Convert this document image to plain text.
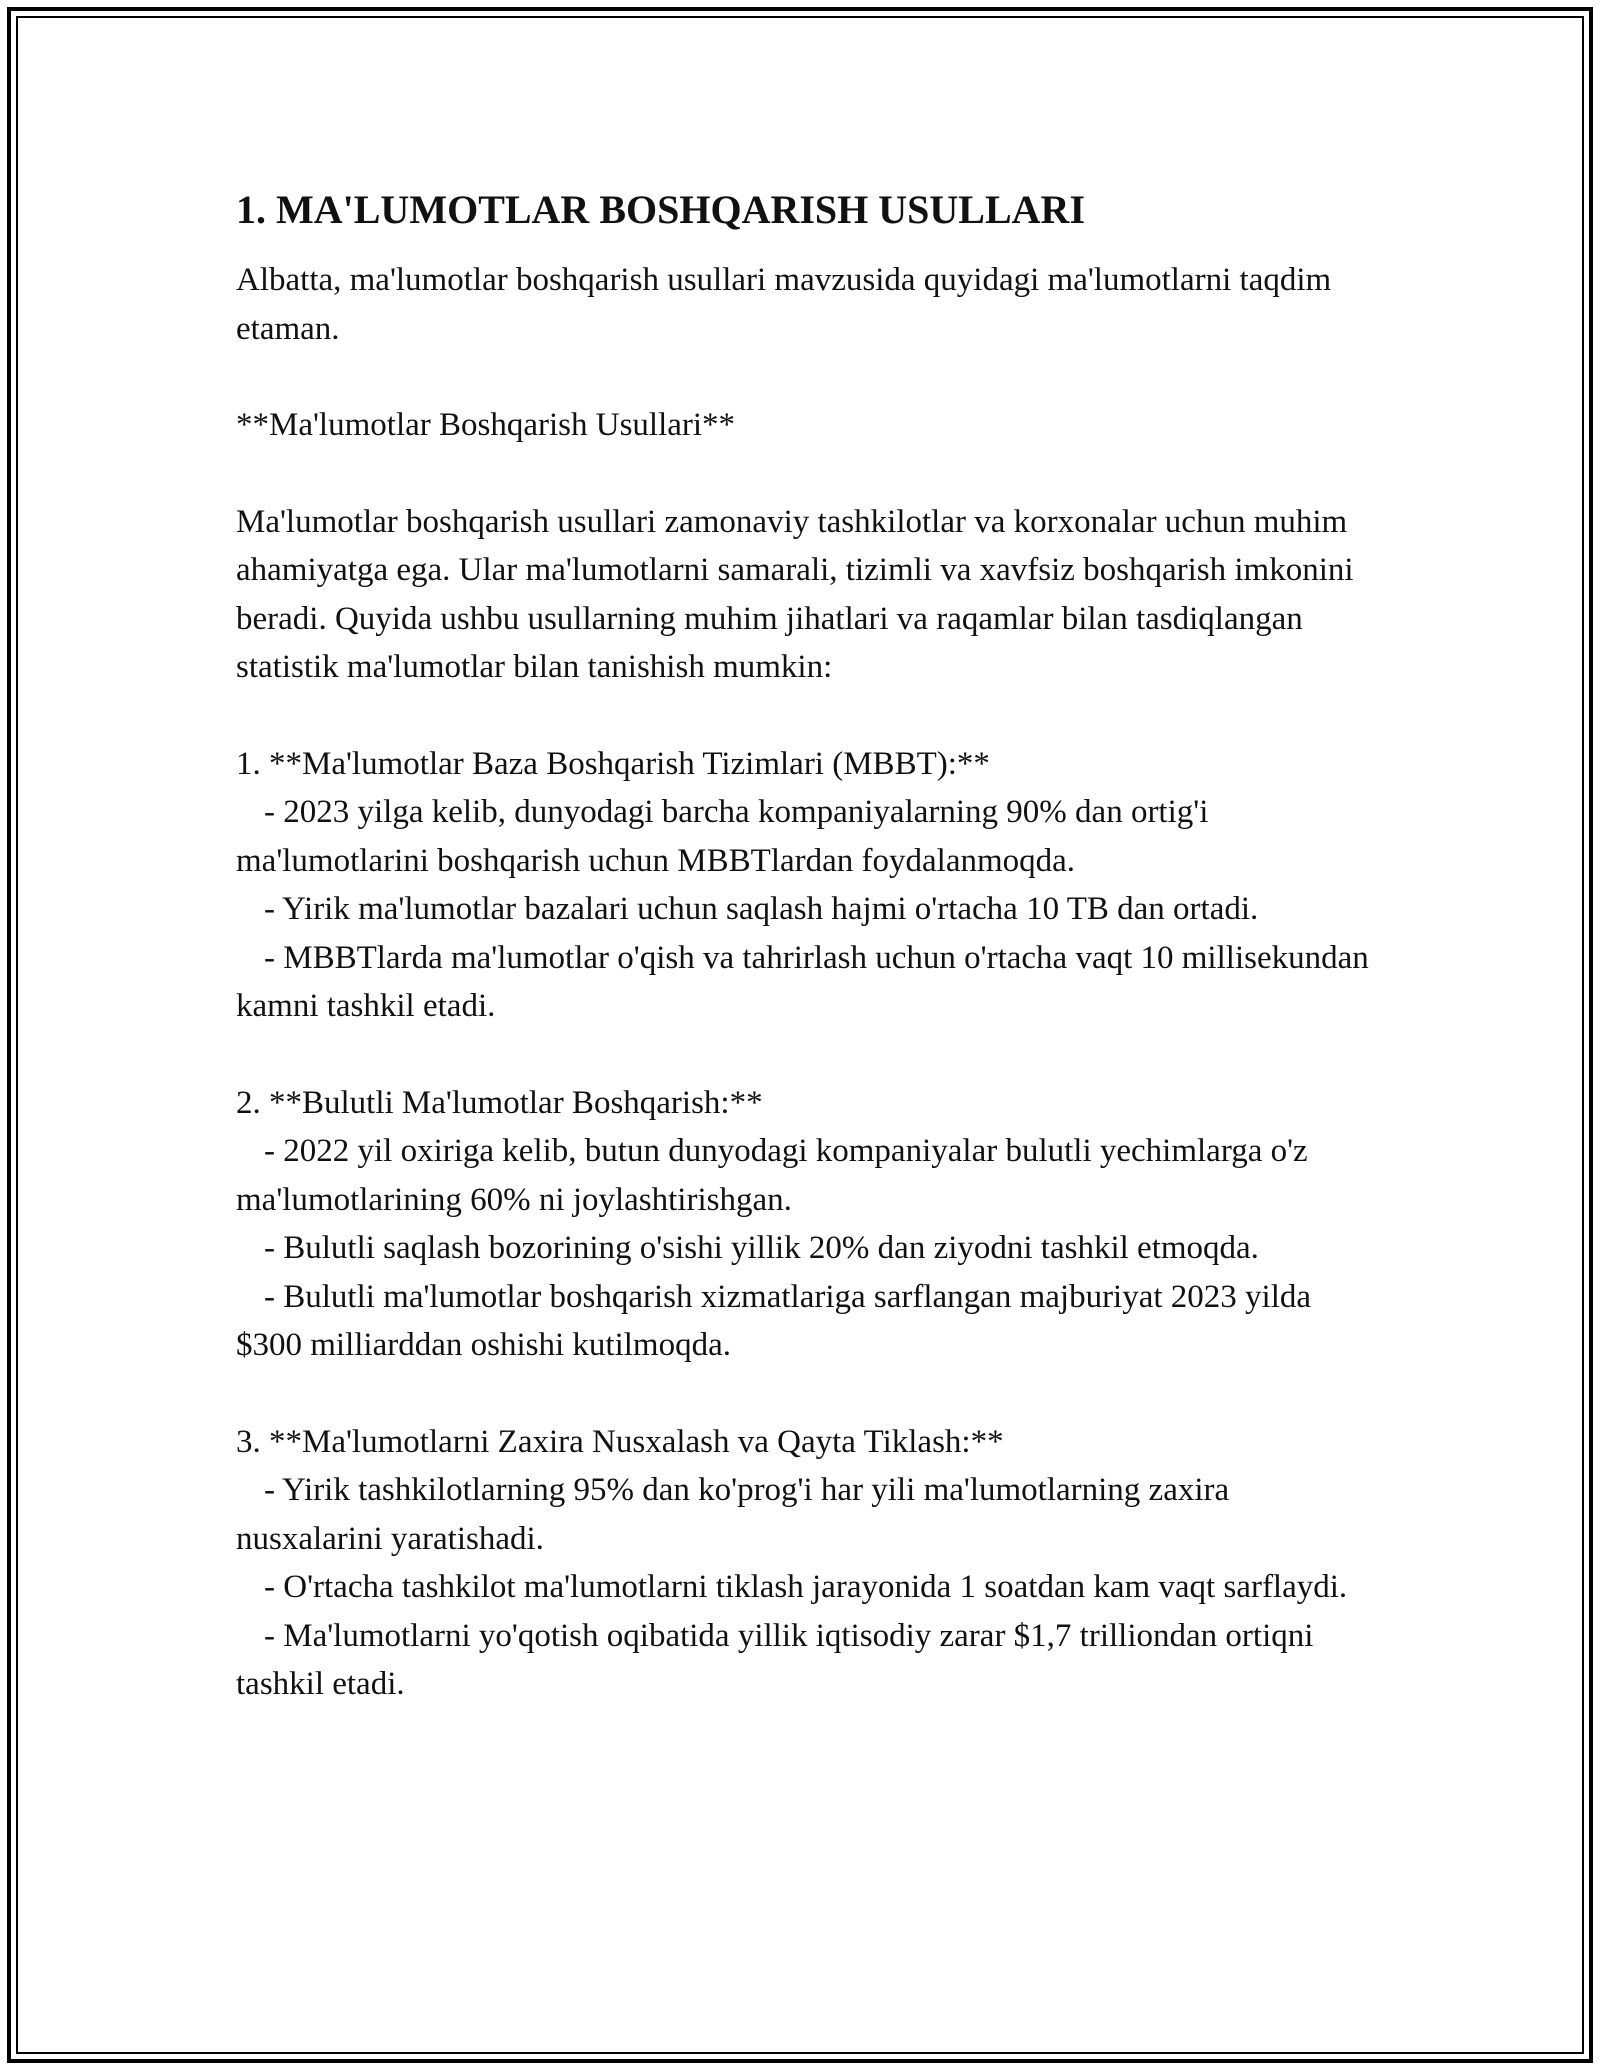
1. MA'LUMOTLAR BOSHQARISH USULLARI

Albatta, ma'lumotlar boshqarish usullari mavzusida quyidagi ma'lumotlarni taqdim etaman.

**Ma'lumotlar Boshqarish Usullari**

Ma'lumotlar boshqarish usullari zamonaviy tashkilotlar va korxonalar uchun muhim ahamiyatga ega. Ular ma'lumotlarni samarali, tizimli va xavfsiz boshqarish imkonini beradi. Quyida ushbu usullarning muhim jihatlari va raqamlar bilan tasdiqlangan statistik ma'lumotlar bilan tanishish mumkin:

1. **Ma'lumotlar Baza Boshqarish Tizimlari (MBBT):**
- 2023 yilga kelib, dunyodagi barcha kompaniyalarning 90% dan ortig'i ma'lumotlarini boshqarish uchun MBBTlardan foydalanmoqda.
- Yirik ma'lumotlar bazalari uchun saqlash hajmi o'rtacha 10 TB dan ortadi.
- MBBTlarda ma'lumotlar o'qish va tahrirlash uchun o'rtacha vaqt 10 millisekundan kamni tashkil etadi.
2. **Bulutli Ma'lumotlar Boshqarish:**
- 2022 yil oxiriga kelib, butun dunyodagi kompaniyalar bulutli yechimlarga o'z ma'lumotlarining 60% ni joylashtirishgan.
- Bulutli saqlash bozorining o'sishi yillik 20% dan ziyodni tashkil etmoqda.
- Bulutli ma'lumotlar boshqarish xizmatlariga sarflangan majburiyat 2023 yilda $300 milliarddan oshishi kutilmoqda.
3. **Ma'lumotlarni Zaxira Nusxalash va Qayta Tiklash:**
- Yirik tashkilotlarning 95% dan ko'prog'i har yili ma'lumotlarning zaxira nusxalarini yaratishadi.
- O'rtacha tashkilot ma'lumotlarni tiklash jarayonida 1 soatdan kam vaqt sarflaydi.
- Ma'lumotlarni yo'qotish oqibatida yillik iqtisodiy zarar $1,7 trilliondan ortiqni tashkil etadi.
